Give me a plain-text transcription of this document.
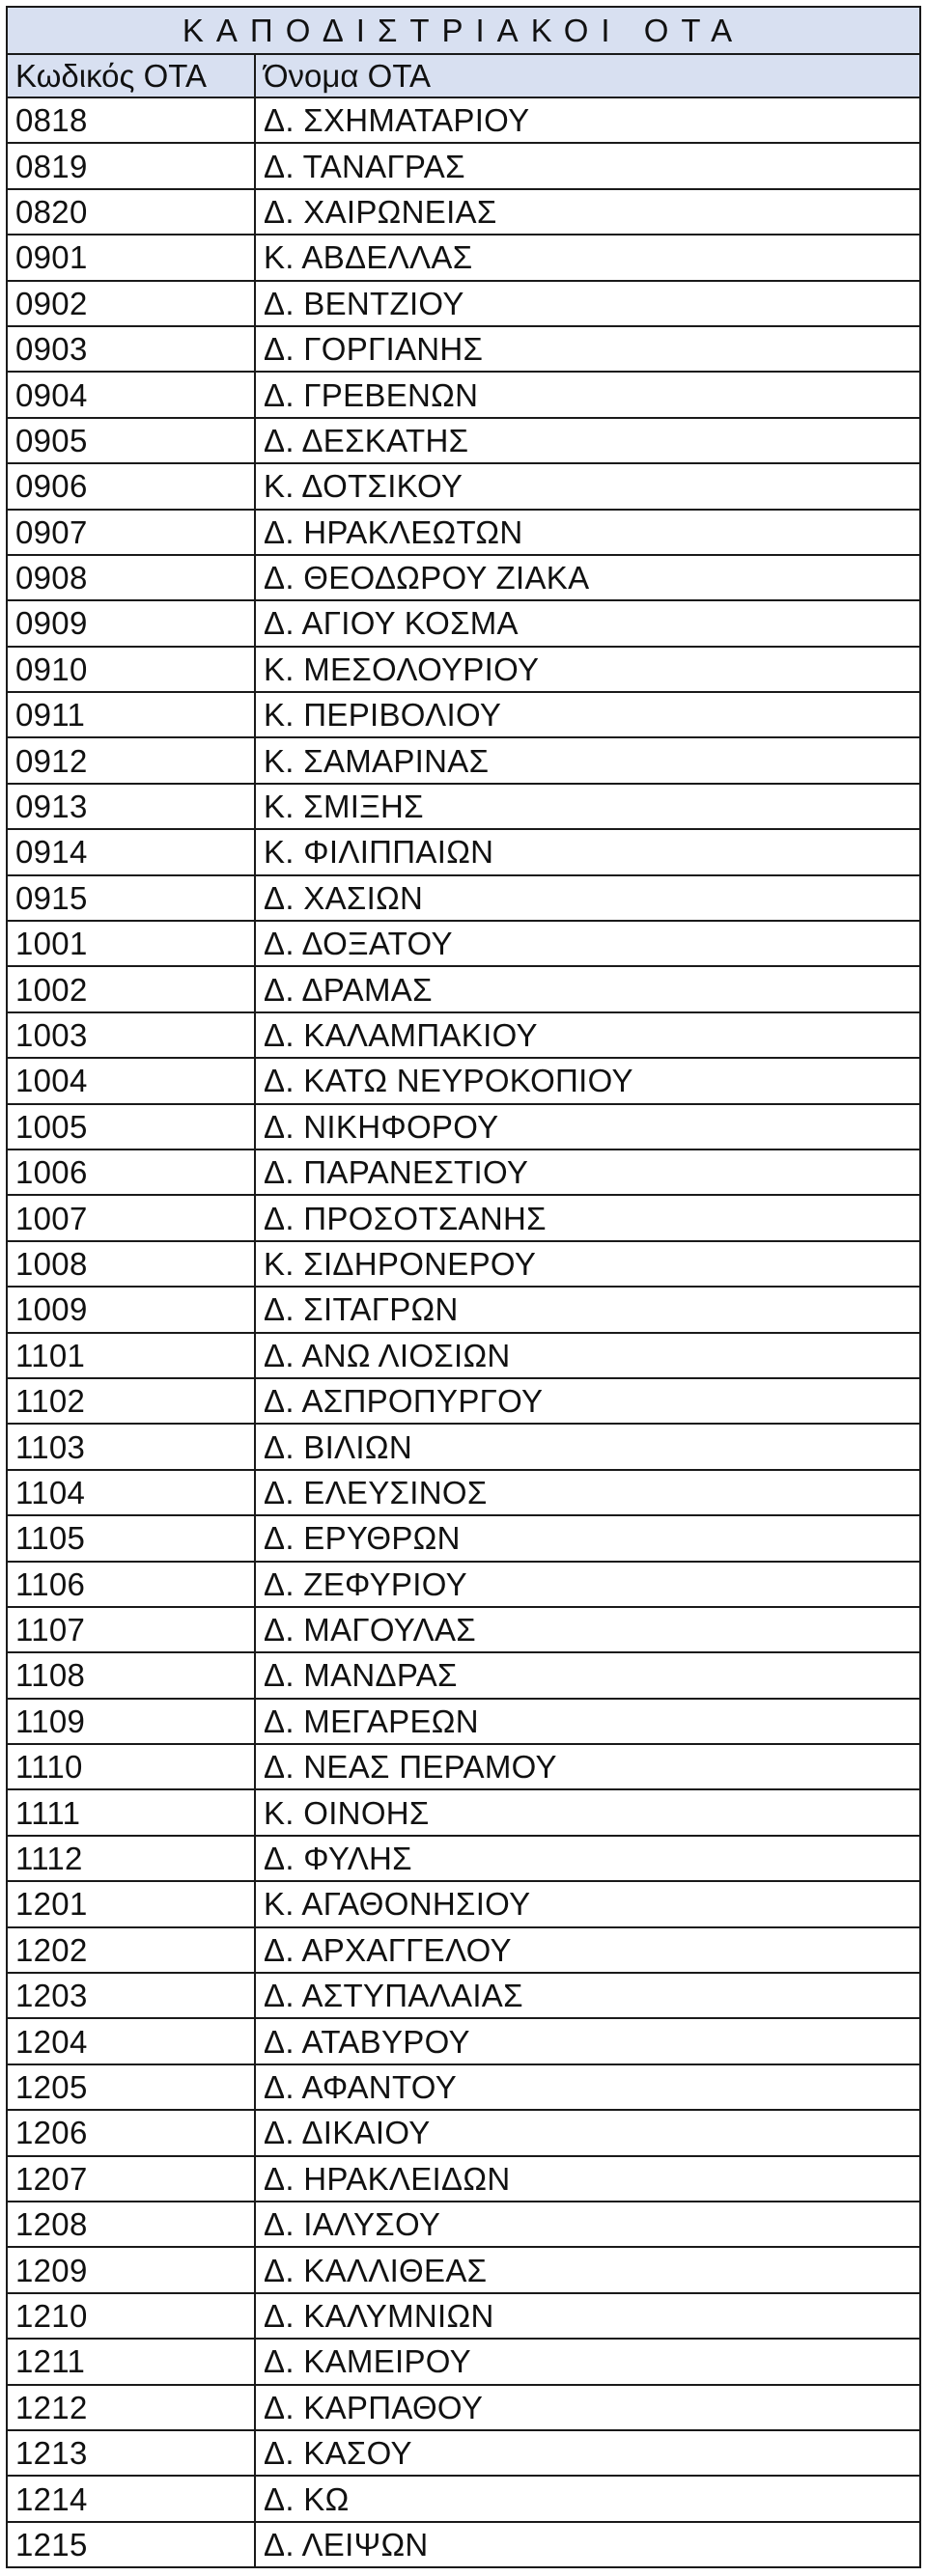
ΚΑΠΟΔΙΣΤΡΙΑΚΟΙ ΟΤΑ	
Κωδικός ΟΤΑ	Όνομα ΟΤΑ
0818	Δ. ΣΧΗΜΑΤΑΡΙΟΥ
0819	Δ. ΤΑΝΑΓΡΑΣ
0820	Δ. ΧΑΙΡΩΝΕΙΑΣ
0901	Κ. ΑΒΔΕΛΛΑΣ
0902	Δ. ΒΕΝΤΖΙΟΥ
0903	Δ. ΓΟΡΓΙΑΝΗΣ
0904	Δ. ΓΡΕΒΕΝΩΝ
0905	Δ. ΔΕΣΚΑΤΗΣ
0906	Κ. ΔΟΤΣΙΚΟΥ
0907	Δ. ΗΡΑΚΛΕΩΤΩΝ
0908	Δ. ΘΕΟΔΩΡΟΥ ΖΙΑΚΑ
0909	Δ. ΑΓΙΟΥ ΚΟΣΜΑ
0910	Κ. ΜΕΣΟΛΟΥΡΙΟΥ
0911	Κ. ΠΕΡΙΒΟΛΙΟΥ
0912	Κ. ΣΑΜΑΡΙΝΑΣ
0913	Κ. ΣΜΙΞΗΣ
0914	Κ. ΦΙΛΙΠΠΑΙΩΝ
0915	Δ. ΧΑΣΙΩΝ
1001	Δ. ΔΟΞΑΤΟΥ
1002	Δ. ΔΡΑΜΑΣ
1003	Δ. ΚΑΛΑΜΠΑΚΙΟΥ
1004	Δ. ΚΑΤΩ ΝΕΥΡΟΚΟΠΙΟΥ
1005	Δ. ΝΙΚΗΦΟΡΟΥ
1006	Δ. ΠΑΡΑΝΕΣΤΙΟΥ
1007	Δ. ΠΡΟΣΟΤΣΑΝΗΣ
1008	Κ. ΣΙΔΗΡΟΝΕΡΟΥ
1009	Δ. ΣΙΤΑΓΡΩΝ
1101	Δ. ΑΝΩ ΛΙΟΣΙΩΝ
1102	Δ. ΑΣΠΡΟΠΥΡΓΟΥ
1103	Δ. ΒΙΛΙΩΝ
1104	Δ. ΕΛΕΥΣΙΝΟΣ
1105	Δ. ΕΡΥΘΡΩΝ
1106	Δ. ΖΕΦΥΡΙΟΥ
1107	Δ. ΜΑΓΟΥΛΑΣ
1108	Δ. ΜΑΝΔΡΑΣ
1109	Δ. ΜΕΓΑΡΕΩΝ
1110	Δ. ΝΕΑΣ ΠΕΡΑΜΟΥ
1111	Κ. ΟΙΝΟΗΣ
1112	Δ. ΦΥΛΗΣ
1201	Κ. ΑΓΑΘΟΝΗΣΙΟΥ
1202	Δ. ΑΡΧΑΓΓΕΛΟΥ
1203	Δ. ΑΣΤΥΠΑΛΑΙΑΣ
1204	Δ. ΑΤΑΒΥΡΟΥ
1205	Δ. ΑΦΑΝΤΟΥ
1206	Δ. ΔΙΚΑΙΟΥ
1207	Δ. ΗΡΑΚΛΕΙΔΩΝ
1208	Δ. ΙΑΛΥΣΟΥ
1209	Δ. ΚΑΛΛΙΘΕΑΣ
1210	Δ. ΚΑΛΥΜΝΙΩΝ
1211	Δ. ΚΑΜΕΙΡΟΥ
1212	Δ. ΚΑΡΠΑΘΟΥ
1213	Δ. ΚΑΣΟΥ
1214	Δ. ΚΩ
1215	Δ. ΛΕΙΨΩΝ
